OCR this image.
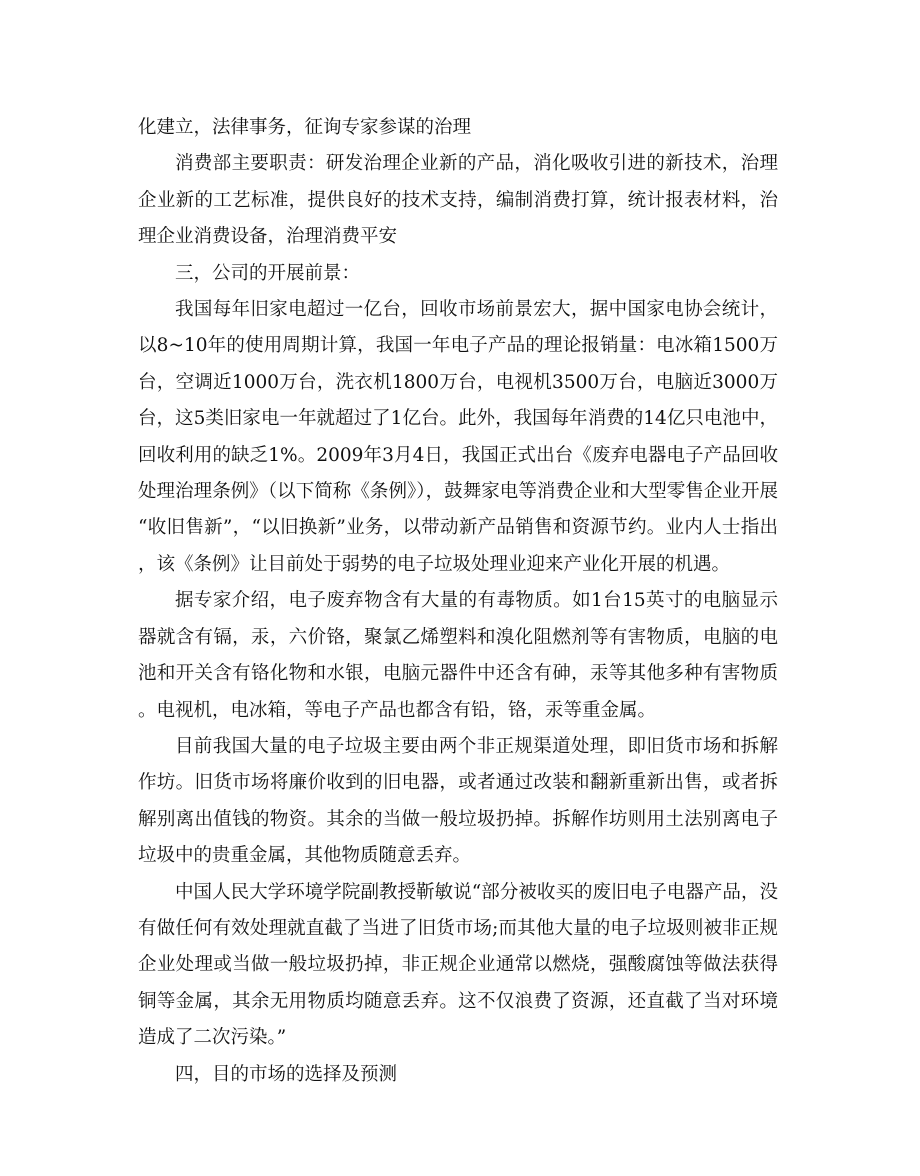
化建立，法律事务，征询专家参谋的治理

消费部主要职责：研发治理企业新的产品，消化吸收引进的新技术，治理企业新的工艺标准，提供良好的技术支持，编制消费打算，统计报表材料，治理企业消费设备，治理消费平安

三，公司的开展前景：

我国每年旧家电超过一亿台，回收市场前景宏大，据中国家电协会统计，以8~10年的使用周期计算，我国一年电子产品的理论报销量：电冰箱1500万台，空调近1000万台，洗衣机1800万台，电视机3500万台，电脑近3000万台，这5类旧家电一年就超过了1亿台。此外，我国每年消费的14亿只电池中，回收利用的缺乏1%。2009年3月4日，我国正式出台《废弃电器电子产品回收处理治理条例》（以下简称《条例》），鼓舞家电等消费企业和大型零售企业开展“收旧售新”，“以旧换新”业务，以带动新产品销售和资源节约。业内人士指出，该《条例》让目前处于弱势的电子垃圾处理业迎来产业化开展的机遇。

据专家介绍，电子废弃物含有大量的有毒物质。如1台15英寸的电脑显示器就含有镉，汞，六价铬，聚氯乙烯塑料和溴化阻燃剂等有害物质，电脑的电池和开关含有铬化物和水银，电脑元器件中还含有砷，汞等其他多种有害物质。电视机，电冰箱，等电子产品也都含有铅，铬，汞等重金属。

目前我国大量的电子垃圾主要由两个非正规渠道处理，即旧货市场和拆解作坊。旧货市场将廉价收到的旧电器，或者通过改装和翻新重新出售，或者拆解别离出值钱的物资。其余的当做一般垃圾扔掉。拆解作坊则用土法别离电子垃圾中的贵重金属，其他物质随意丢弃。

中国人民大学环境学院副教授靳敏说“部分被收买的废旧电子电器产品，没有做任何有效处理就直截了当进了旧货市场;而其他大量的电子垃圾则被非正规企业处理或当做一般垃圾扔掉，非正规企业通常以燃烧，强酸腐蚀等做法获得铜等金属，其余无用物质均随意丢弃。这不仅浪费了资源，还直截了当对环境造成了二次污染。”

四，目的市场的选择及预测
